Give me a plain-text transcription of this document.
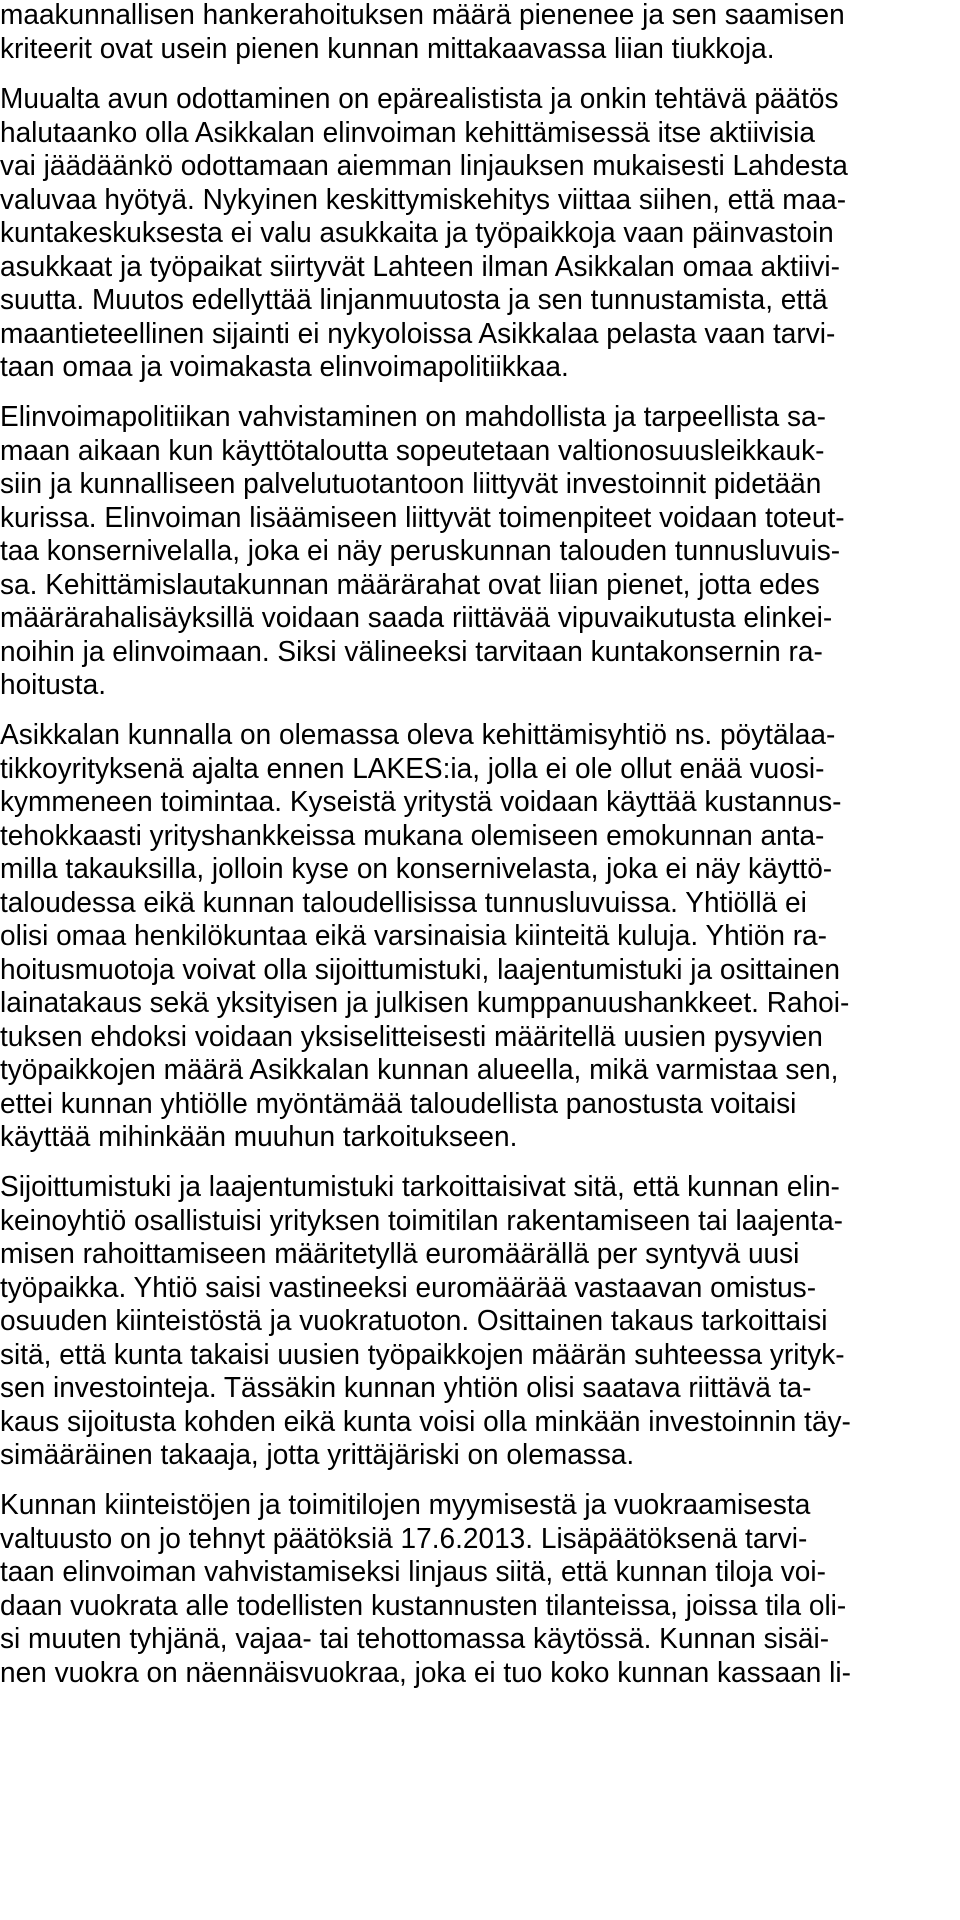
maakunnallisen hankerahoituksen määrä pienenee ja sen saamisen
kriteerit ovat usein pienen kunnan mittakaavassa liian tiukkoja.
Muualta avun odottaminen on epärealistista ja onkin tehtävä päätös
halutaanko olla Asikkalan elinvoiman kehittämisessä itse aktiivisia
vai jäädäänkö odottamaan aiemman linjauksen mukaisesti Lahdesta
valuvaa hyötyä. Nykyinen keskittymiskehitys viittaa siihen, että maa-
kuntakeskuksesta ei valu asukkaita ja työpaikkoja vaan päinvastoin
asukkaat ja työpaikat siirtyvät Lahteen ilman Asikkalan omaa aktiivi-
suutta. Muutos edellyttää linjanmuutosta ja sen tunnustamista, että
maantieteellinen sijainti ei nykyoloissa Asikkalaa pelasta vaan tarvi-
taan omaa ja voimakasta elinvoimapolitiikkaa.
Elinvoimapolitiikan vahvistaminen on mahdollista ja tarpeellista sa-
maan aikaan kun käyttötaloutta sopeutetaan valtionosuusleikkauk-
siin ja kunnalliseen palvelutuotantoon liittyvät investoinnit pidetään
kurissa. Elinvoiman lisäämiseen liittyvät toimenpiteet voidaan toteut-
taa konsernivelalla, joka ei näy peruskunnan talouden tunnusluvuis-
sa. Kehittämislautakunnan määrärahat ovat liian pienet, jotta edes
määrärahalisäyksillä voidaan saada riittävää vipuvaikutusta elinkei-
noihin ja elinvoimaan. Siksi välineeksi tarvitaan kuntakonsernin ra-
hoitusta.
Asikkalan kunnalla on olemassa oleva kehittämisyhtiö ns. pöytälaa-
tikkoyrityksenä ajalta ennen LAKES:ia, jolla ei ole ollut enää vuosi-
kymmeneen toimintaa. Kyseistä yritystä voidaan käyttää kustannus-
tehokkaasti yrityshankkeissa mukana olemiseen emokunnan anta-
milla takauksilla, jolloin kyse on konsernivelasta, joka ei näy käyttö-
taloudessa eikä kunnan taloudellisissa tunnusluvuissa. Yhtiöllä ei
olisi omaa henkilökuntaa eikä varsinaisia kiinteitä kuluja. Yhtiön ra-
hoitusmuotoja voivat olla sijoittumistuki, laajentumistuki ja osittainen
lainatakaus sekä yksityisen ja julkisen kumppanuushankkeet. Rahoi-
tuksen ehdoksi voidaan yksiselitteisesti määritellä uusien pysyvien
työpaikkojen määrä Asikkalan kunnan alueella, mikä varmistaa sen,
ettei kunnan yhtiölle myöntämää taloudellista panostusta voitaisi
käyttää mihinkään muuhun tarkoitukseen.
Sijoittumistuki ja laajentumistuki tarkoittaisivat sitä, että kunnan elin-
keinoyhtiö osallistuisi yrityksen toimitilan rakentamiseen tai laajenta-
misen rahoittamiseen määritetyllä euromäärällä per syntyvä uusi
työpaikka. Yhtiö saisi vastineeksi euromäärää vastaavan omistus-
osuuden kiinteistöstä ja vuokratuoton. Osittainen takaus tarkoittaisi
sitä, että kunta takaisi uusien työpaikkojen määrän suhteessa yrityk-
sen investointeja. Tässäkin kunnan yhtiön olisi saatava riittävä ta-
kaus sijoitusta kohden eikä kunta voisi olla minkään investoinnin täy-
simääräinen takaaja, jotta yrittäjäriski on olemassa.
Kunnan kiinteistöjen ja toimitilojen myymisestä ja vuokraamisesta
valtuusto on jo tehnyt päätöksiä 17.6.2013. Lisäpäätöksenä tarvi-
taan elinvoiman vahvistamiseksi linjaus siitä, että kunnan tiloja voi-
daan vuokrata alle todellisten kustannusten tilanteissa, joissa tila oli-
si muuten tyhjänä, vajaa- tai tehottomassa käytössä. Kunnan sisäi-
nen vuokra on näennäisvuokraa, joka ei tuo koko kunnan kassaan li-
